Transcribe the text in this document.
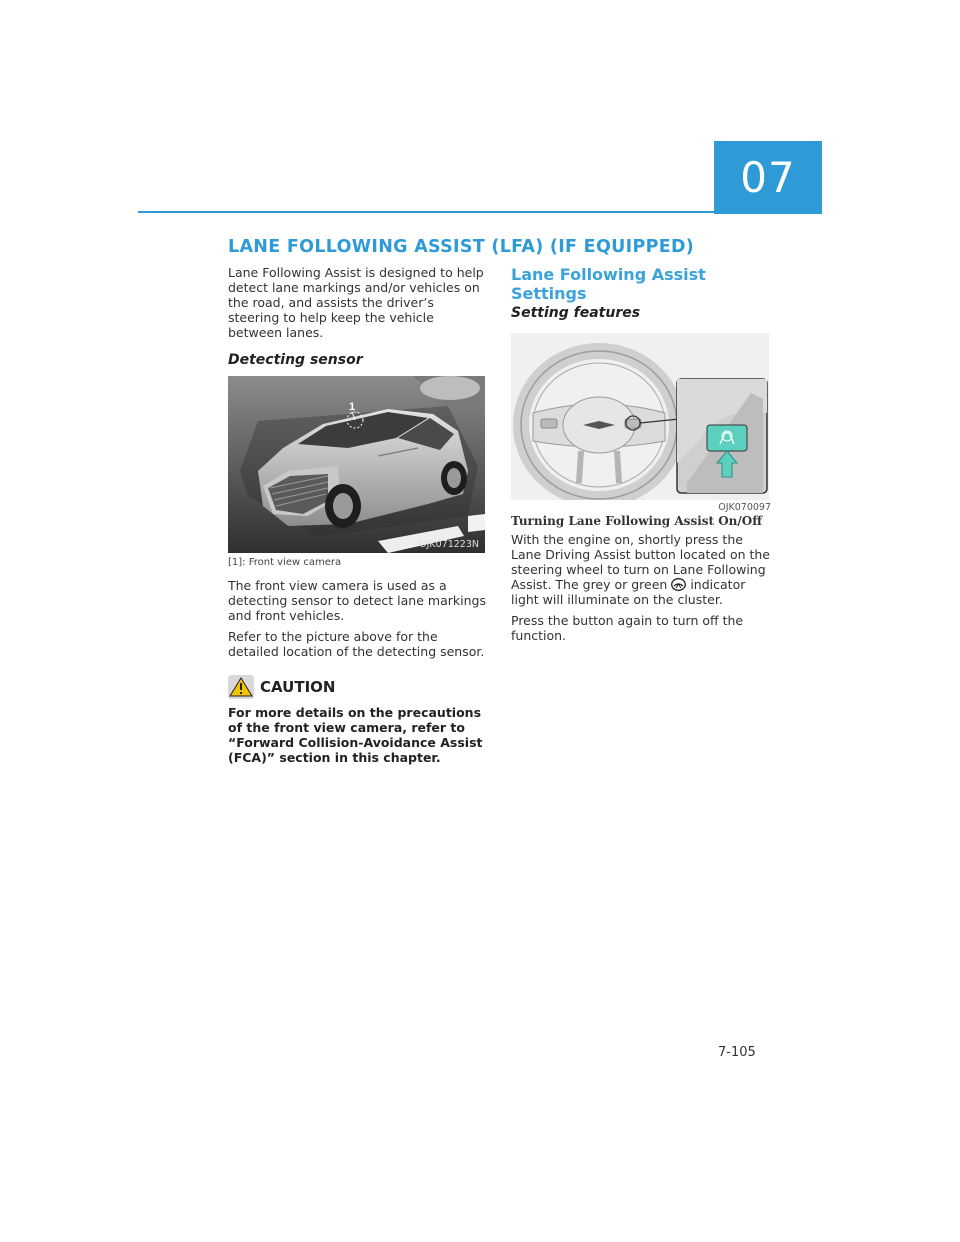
07
LANE FOLLOWING ASSIST (LFA) (IF EQUIPPED)

Lane Following Assist is designed to help detect lane markings and/or vehicles on the road, and assists the driver’s steering to help keep the vehicle between lanes.

Detecting sensor
1
OJK071223N

[1]: Front view camera

The front view camera is used as a detecting sensor to detect lane markings and front vehicles.

Refer to the picture above for the detailed location of the detecting sensor.

CAUTION

For more details on the precautions of the front view camera, refer to “Forward Collision-Avoidance Assist (FCA)” section in this chapter.

Lane Following Assist Settings
Setting features

OJK070097

Turning Lane Following Assist On/Off

With the engine on, shortly press the Lane Driving Assist button located on the steering wheel to turn on Lane Following Assist. The grey or green indicator light will illuminate on the cluster.

Press the button again to turn off the function.

7-105
